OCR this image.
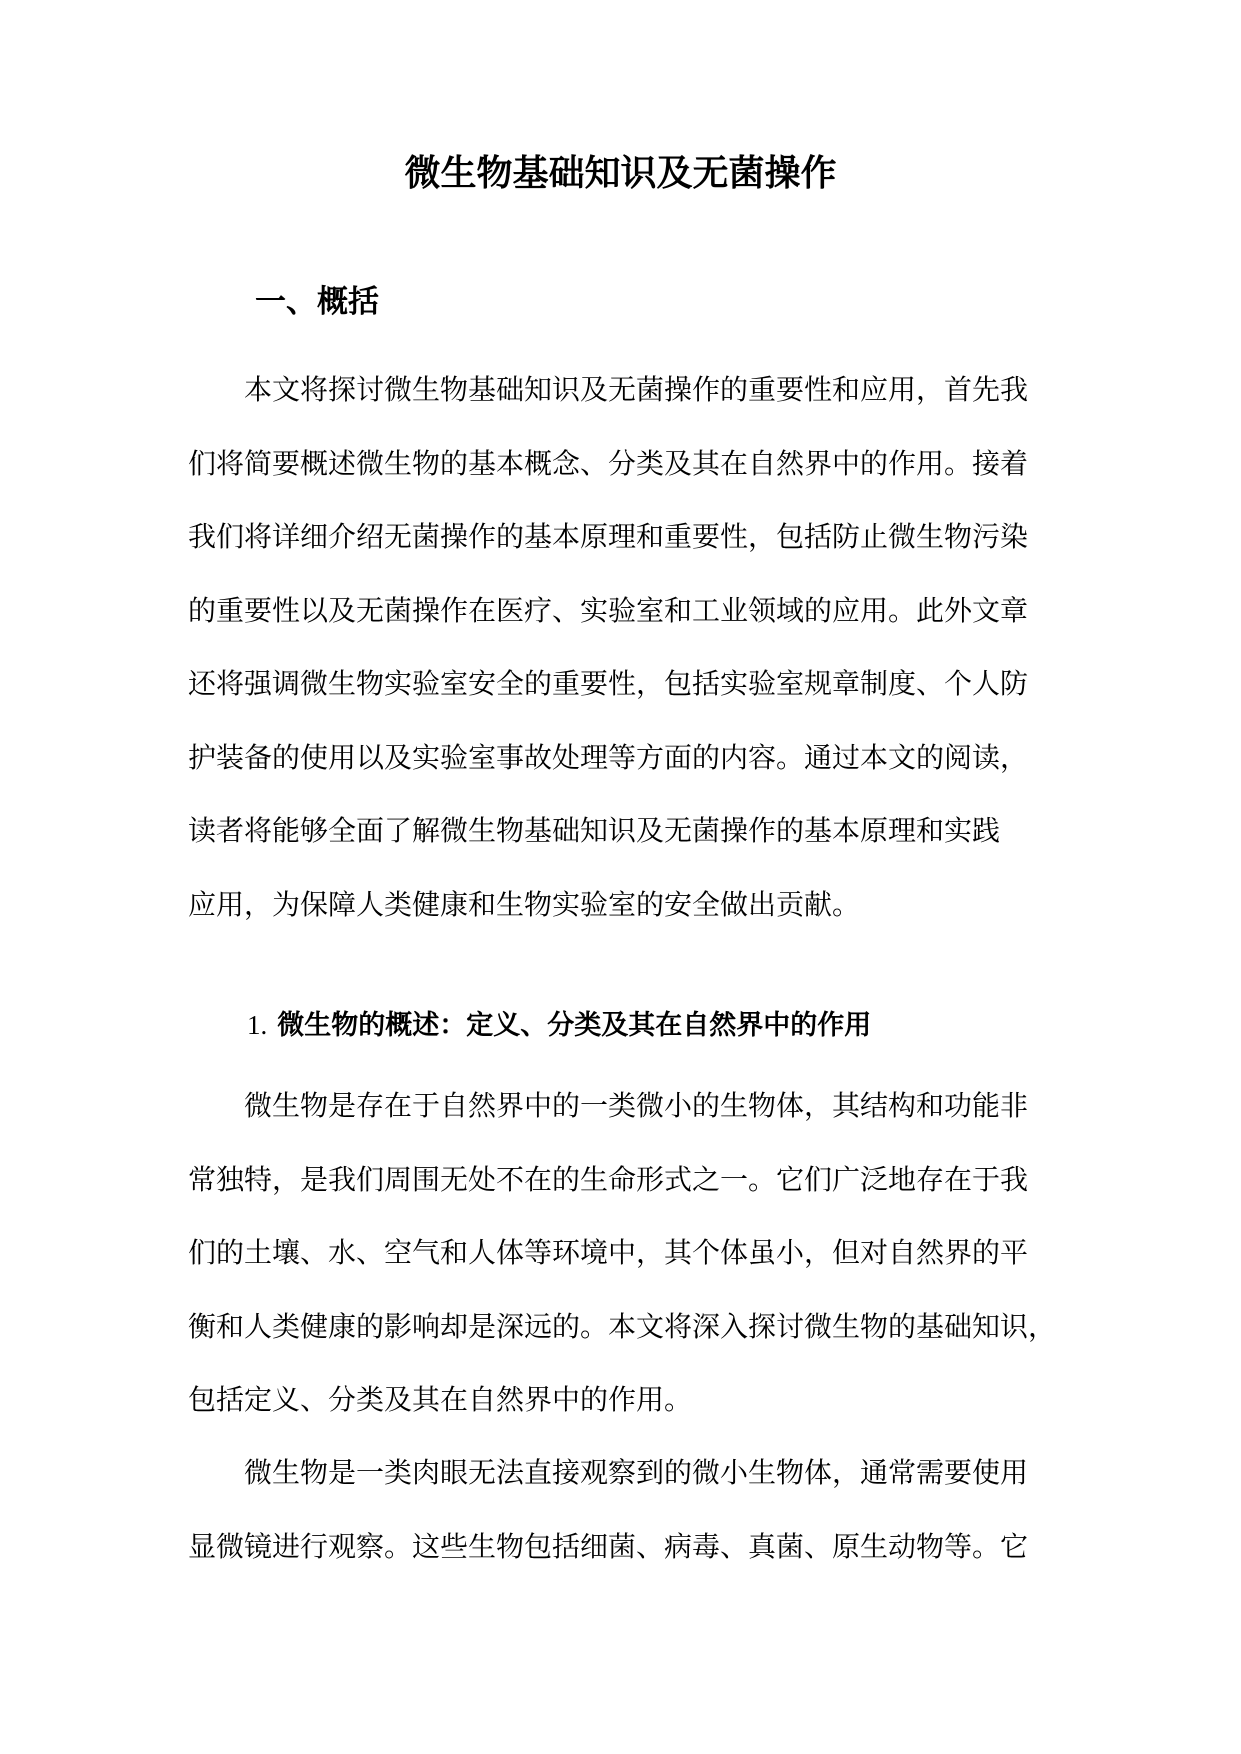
微生物基础知识及无菌操作
一、概括
本文将探讨微生物基础知识及无菌操作的重要性和应用，首先我
们将简要概述微生物的基本概念、分类及其在自然界中的作用。接着
我们将详细介绍无菌操作的基本原理和重要性，包括防止微生物污染
的重要性以及无菌操作在医疗、实验室和工业领域的应用。此外文章
还将强调微生物实验室安全的重要性，包括实验室规章制度、个人防
护装备的使用以及实验室事故处理等方面的内容。通过本文的阅读，
读者将能够全面了解微生物基础知识及无菌操作的基本原理和实践
应用，为保障人类健康和生物实验室的安全做出贡献。
1. 微生物的概述：定义、分类及其在自然界中的作用
微生物是存在于自然界中的一类微小的生物体，其结构和功能非
常独特，是我们周围无处不在的生命形式之一。它们广泛地存在于我
们的土壤、水、空气和人体等环境中，其个体虽小，但对自然界的平
衡和人类健康的影响却是深远的。本文将深入探讨微生物的基础知识，
包括定义、分类及其在自然界中的作用。
微生物是一类肉眼无法直接观察到的微小生物体，通常需要使用
显微镜进行观察。这些生物包括细菌、病毒、真菌、原生动物等。它
